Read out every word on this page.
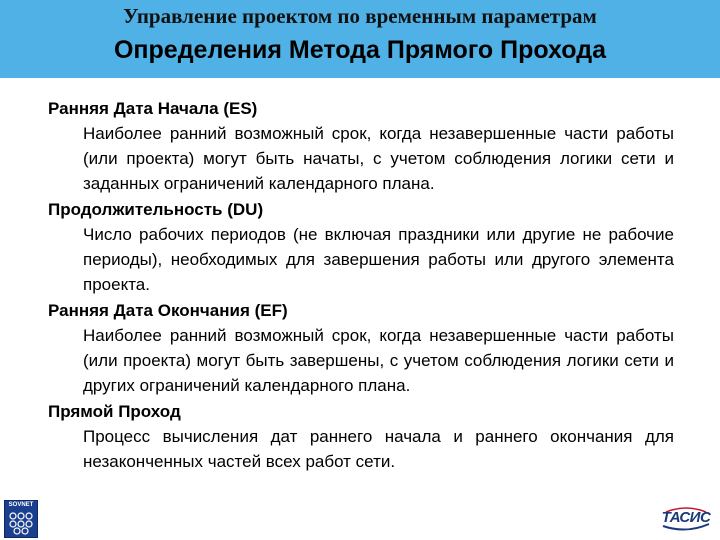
Управление проектом по временным параметрам
Определения Метода Прямого Прохода

Ранняя Дата Начала (ES)

Наиболее ранний возможный срок, когда незавершенные части работы (или проекта) могут быть начаты, с учетом соблюдения логики сети и заданных ограничений календарного плана.

Продолжительность (DU)

Число рабочих периодов (не включая праздники или другие не рабочие периоды), необходимых для завершения работы или другого элемента проекта.

Ранняя Дата Окончания (EF)

Наиболее ранний возможный срок, когда незавершенные части работы (или проекта) могут быть завершены, с учетом соблюдения логики сети и других ограничений календарного плана.

Прямой Проход

Процесс вычисления дат раннего начала и раннего окончания для незаконченных частей всех работ сети.

SOVNET
ТАСИС
